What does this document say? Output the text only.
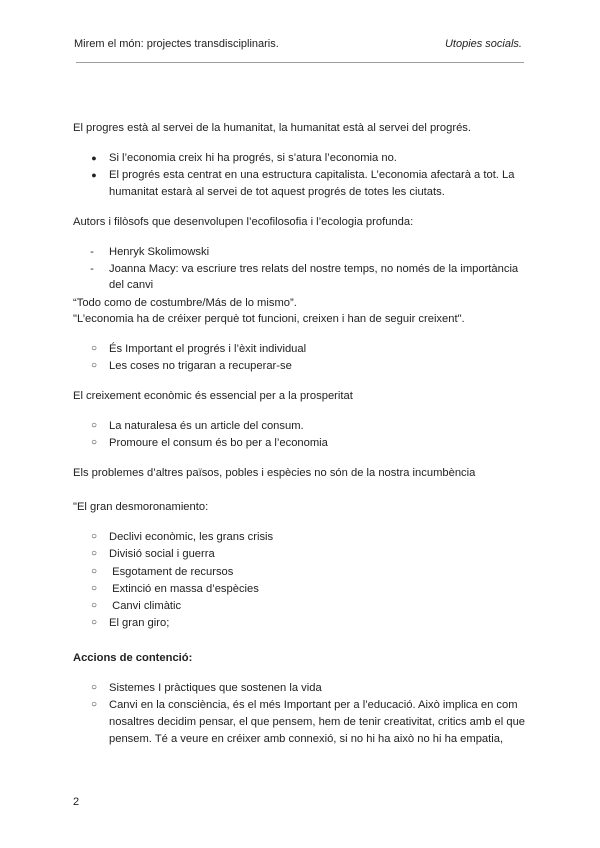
Mirem el món: projectes transdisciplinaris.	Utopies socials.
El progres està al servei de la humanitat, la humanitat està al servei del progrés.
● Si l’economia creix hi ha progrés, si s’atura l’economia no.
● El progrés esta centrat en una estructura capitalista. L’economia afectarà a tot. La
humanitat estarà al servei de tot aquest progrés de totes les ciutats.
Autors i filòsofs que desenvolupen l’ecofilosofia i l’ecologia profunda:
-	Henryk Skolimowski
-	Joanna Macy: va escriure tres relats del nostre temps, no només de la importància
del canvi
“Todo como de costumbre/Más de lo mismo”.
"L’economia ha de créixer perquè tot funcioni, creixen i han de seguir creixent".
○ És Important el progrés i l’èxit individual
○ Les coses no trigaran a recuperar-se
El creixement econòmic és essencial per a la prosperitat
○ La naturalesa és un article del consum.
○ Promoure el consum és bo per a l’economia
Els problemes d’altres països, pobles i espècies no són de la nostra incumbència
"El gran desmoronamiento:
○ Declivi econòmic, les grans crisis
○ Divisió social i guerra
○ Esgotament de recursos
○ Extinció en massa d’espècies
○ Canvi climàtic
○ El gran giro;
Accions de contenció:
○ Sistemes I pràctiques que sostenen la vida
○ Canvi en la consciència, és el més Important per a l’educació. Això implica en com
nosaltres decidim pensar, el que pensem, hem de tenir creativitat, critics amb el que
pensem. Té a veure en créixer amb connexió, si no hi ha això no hi ha empatia,
2
